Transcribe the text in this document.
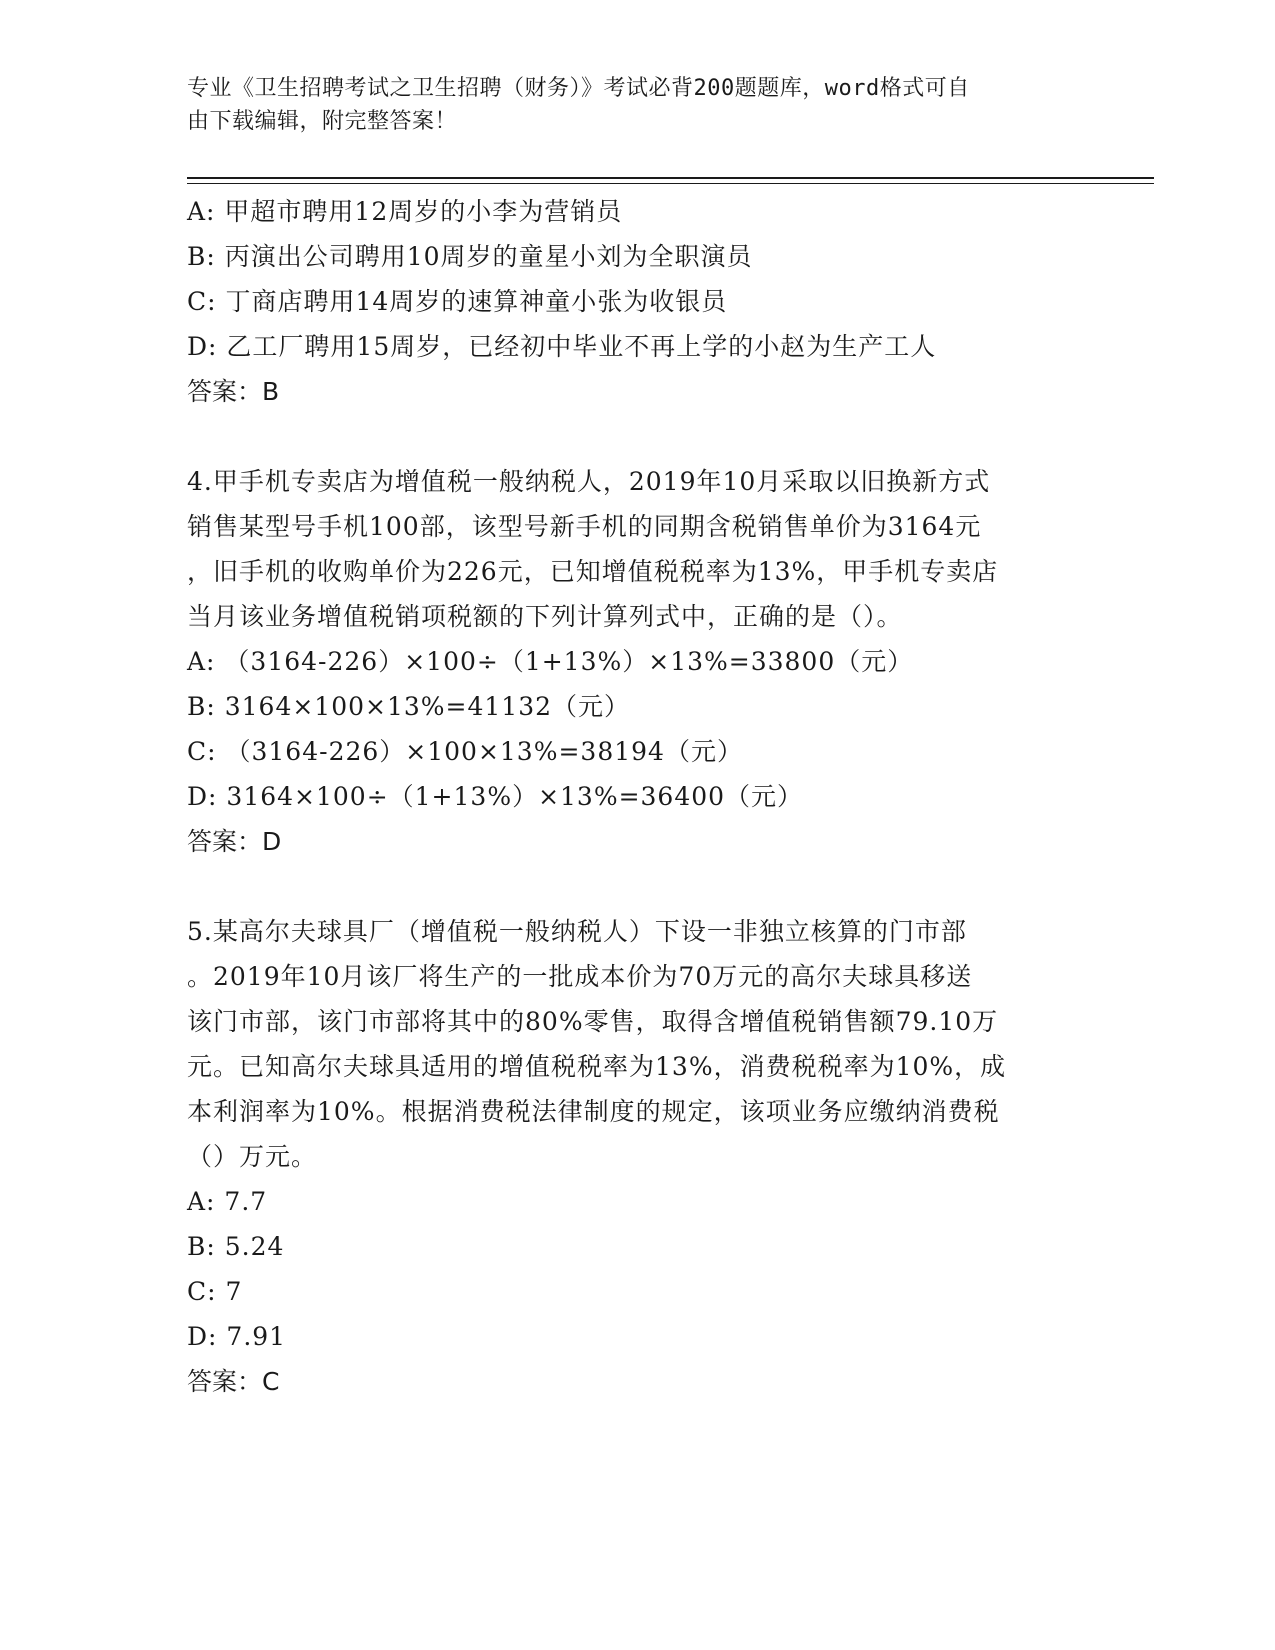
专业《卫生招聘考试之卫生招聘（财务）》考试必背200题题库，word格式可自
由下载编辑，附完整答案！
A: 甲超市聘用12周岁的小李为营销员
B: 丙演出公司聘用10周岁的童星小刘为全职演员
C: 丁商店聘用14周岁的速算神童小张为收银员
D: 乙工厂聘用15周岁，已经初中毕业不再上学的小赵为生产工人
答案：B
4.甲手机专卖店为增值税一般纳税人，2019年10月采取以旧换新方式
销售某型号手机100部，该型号新手机的同期含税销售单价为3164元
，旧手机的收购单价为226元，已知增值税税率为13%，甲手机专卖店
当月该业务增值税销项税额的下列计算列式中，正确的是（）。
A: （3164-226）×100÷（1+13%）×13%=33800（元）
B: 3164×100×13%=41132（元）
C: （3164-226）×100×13%=38194（元）
D: 3164×100÷（1+13%）×13%=36400（元）
答案：D
5.某高尔夫球具厂（增值税一般纳税人）下设一非独立核算的门市部
。2019年10月该厂将生产的一批成本价为70万元的高尔夫球具移送
该门市部，该门市部将其中的80%零售，取得含增值税销售额79.10万
元。已知高尔夫球具适用的增值税税率为13%，消费税税率为10%，成
本利润率为10%。根据消费税法律制度的规定，该项业务应缴纳消费税
（）万元。
A: 7.7
B: 5.24
C: 7
D: 7.91
答案：C
